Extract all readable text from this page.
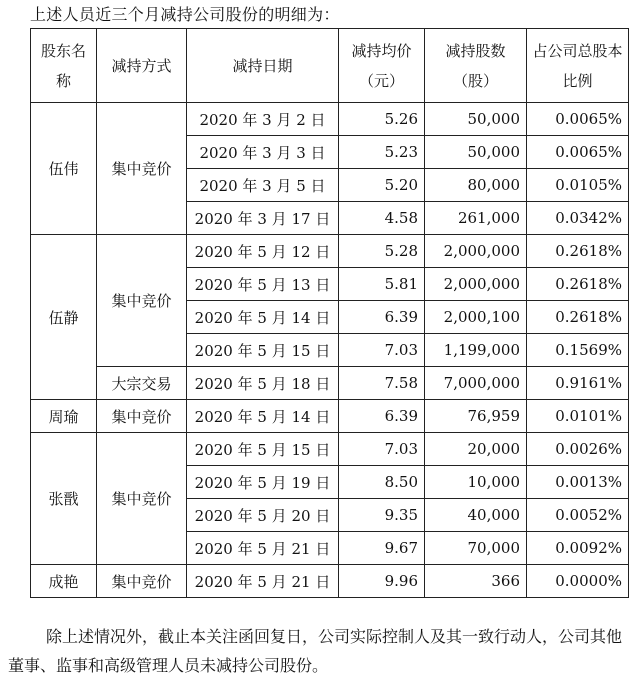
上述人员近三个月减持公司股份的明细为：
股东名称	减持方式	减持日期	减持均价（元）	减持股数（股）	占公司总股本比例
伍伟	集中竞价	2020 年 3 月 2 日	5.26	50,000	0.0065%
		2020 年 3 月 3 日	5.23	50,000	0.0065%
		2020 年 3 月 5 日	5.20	80,000	0.0105%
		2020 年 3 月 17 日	4.58	261,000	0.0342%
伍静	集中竞价	2020 年 5 月 12 日	5.28	2,000,000	0.2618%
		2020 年 5 月 13 日	5.81	2,000,000	0.2618%
		2020 年 5 月 14 日	6.39	2,000,100	0.2618%
		2020 年 5 月 15 日	7.03	1,199,000	0.1569%
	大宗交易	2020 年 5 月 18 日	7.58	7,000,000	0.9161%
周瑜	集中竞价	2020 年 5 月 14 日	6.39	76,959	0.0101%
张戬	集中竞价	2020 年 5 月 15 日	7.03	20,000	0.0026%
		2020 年 5 月 19 日	8.50	10,000	0.0013%
		2020 年 5 月 20 日	9.35	40,000	0.0052%
		2020 年 5 月 21 日	9.67	70,000	0.0092%
成艳	集中竞价	2020 年 5 月 21 日	9.96	366	0.0000%
除上述情况外，截止本关注函回复日，公司实际控制人及其一致行动人，公司其他董事、监事和高级管理人员未减持公司股份。
